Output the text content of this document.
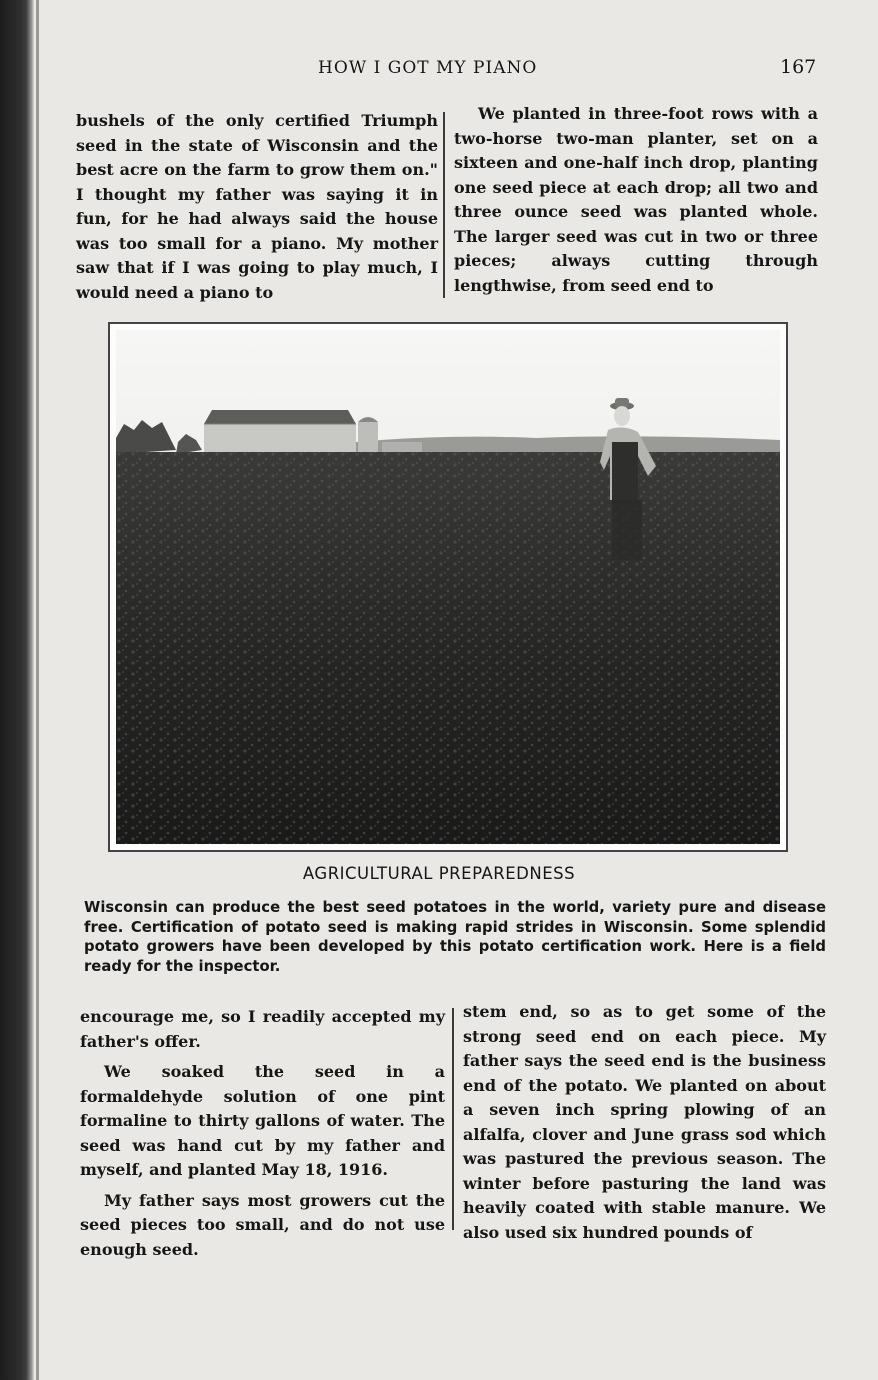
HOW I GOT MY PIANO	167

bushels of the only certified Triumph seed in the state of Wisconsin and the best acre on the farm to grow them on." I thought my father was saying it in fun, for he had always said the house was too small for a piano. My mother saw that if I was going to play much, I would need a piano to

We planted in three-foot rows with a two-horse two-man planter, set on a sixteen and one-half inch drop, planting one seed piece at each drop; all two and three ounce seed was planted whole. The larger seed was cut in two or three pieces; always cutting through lengthwise, from seed end to

AGRICULTURAL PREPAREDNESS
Wisconsin can produce the best seed potatoes in the world, variety pure and disease free. Certification of potato seed is making rapid strides in Wisconsin. Some splendid potato growers have been developed by this potato certification work. Here is a field ready for the inspector.

encourage me, so I readily accepted my father's offer.

We soaked the seed in a formaldehyde solution of one pint formaline to thirty gallons of water. The seed was hand cut by my father and myself, and planted May 18, 1916.

My father says most growers cut the seed pieces too small, and do not use enough seed.

stem end, so as to get some of the strong seed end on each piece. My father says the seed end is the business end of the potato. We planted on about a seven inch spring plowing of an alfalfa, clover and June grass sod which was pastured the previous season. The winter before pasturing the land was heavily coated with stable manure. We also used six hundred pounds of
